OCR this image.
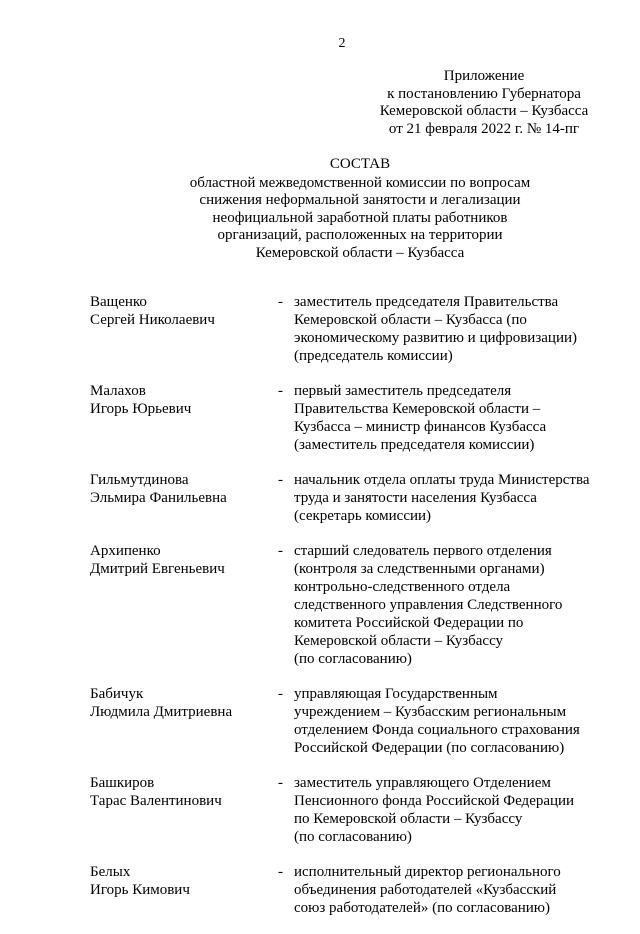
2
Приложение
к постановлению Губернатора
Кемеровской области – Кузбасса
от 21 февраля 2022 г. № 14-пг
СОСТАВ
областной межведомственной комиссии по вопросам
снижения неформальной занятости и легализации
неофициальной заработной платы работников
организаций, расположенных на территории
Кемеровской области – Кузбасса
Ващенко
Сергей Николаевич
- заместитель председателя Правительства
Кемеровской области – Кузбасса (по
экономическому развитию и цифровизации)
(председатель комиссии)
Малахов
Игорь Юрьевич
- первый заместитель председателя
Правительства Кемеровской области –
Кузбасса – министр финансов Кузбасса
(заместитель председателя комиссии)
Гильмутдинова
Эльмира Фанильевна
- начальник отдела оплаты труда Министерства
труда и занятости населения Кузбасса
(секретарь комиссии)
Архипенко
Дмитрий Евгеньевич
- старший следователь первого отделения
(контроля за следственными органами)
контрольно-следственного отдела
следственного управления Следственного
комитета Российской Федерации по
Кемеровской области – Кузбассу
(по согласованию)
Бабичук
Людмила Дмитриевна
- управляющая Государственным
учреждением – Кузбасским региональным
отделением Фонда социального страхования
Российской Федерации (по согласованию)
Башкиров
Тарас Валентинович
- заместитель управляющего Отделением
Пенсионного фонда Российской Федерации
по Кемеровской области – Кузбассу
(по согласованию)
Белых
Игорь Кимович
- исполнительный директор регионального
объединения работодателей «Кузбасский
союз работодателей» (по согласованию)
